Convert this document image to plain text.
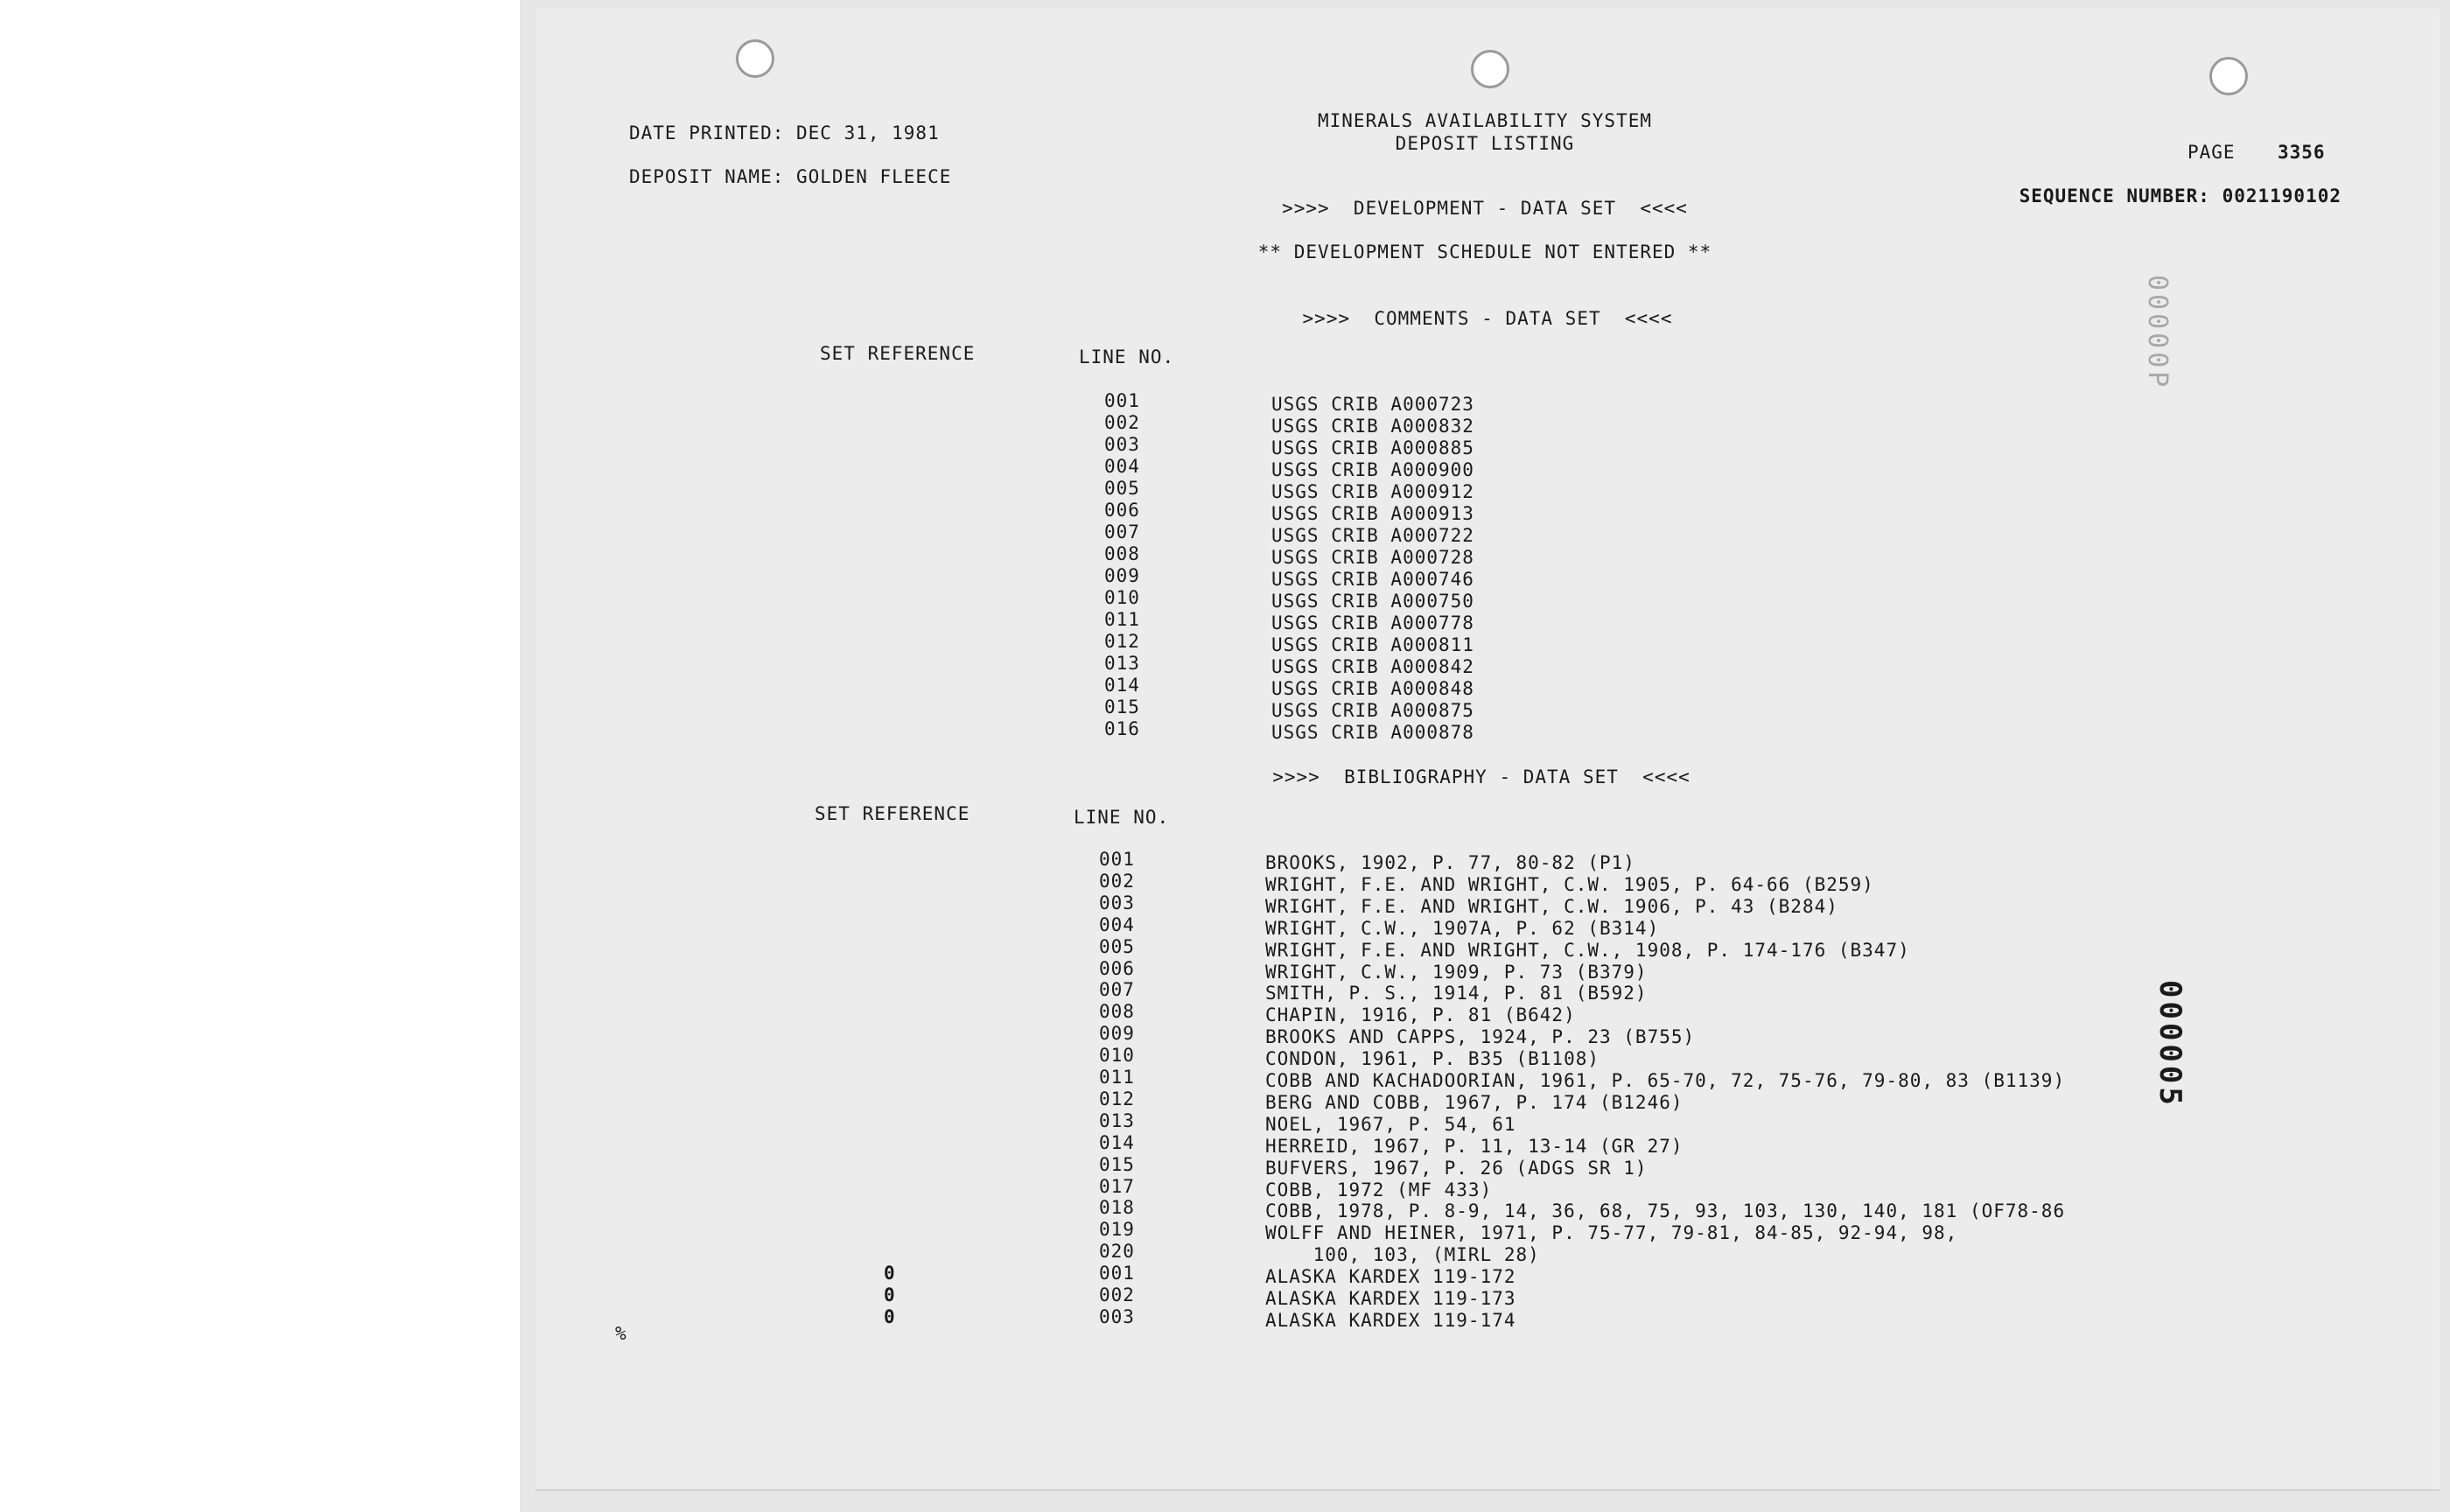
DATE PRINTED: DEC 31, 1981
DEPOSIT NAME: GOLDEN FLEECE
MINERALS AVAILABILITY SYSTEM
DEPOSIT LISTING	PAGE 3356
SEQUENCE NUMBER: 0021190102
>>>>  DEVELOPMENT - DATA SET  <<<<
** DEVELOPMENT SCHEDULE NOT ENTERED **
>>>>  COMMENTS - DATA SET  <<<<
SET REFERENCE	LINE NO.
001	USGS CRIB A000723
002	USGS CRIB A000832
003	USGS CRIB A000885
004	USGS CRIB A000900
005	USGS CRIB A000912
006	USGS CRIB A000913
007	USGS CRIB A000722
008	USGS CRIB A000728
009	USGS CRIB A000746
010	USGS CRIB A000750
011	USGS CRIB A000778
012	USGS CRIB A000811
013	USGS CRIB A000842
014	USGS CRIB A000848
015	USGS CRIB A000875
016	USGS CRIB A000878
>>>>  BIBLIOGRAPHY - DATA SET  <<<<
SET REFERENCE	LINE NO.
001	BROOKS, 1902, P. 77, 80-82 (P1)
002	WRIGHT, F.E. AND WRIGHT, C.W. 1905, P. 64-66 (B259)
003	WRIGHT, F.E. AND WRIGHT, C.W. 1906, P. 43 (B284)
004	WRIGHT, C.W., 1907A, P. 62 (B314)
005	WRIGHT, F.E. AND WRIGHT, C.W., 1908, P. 174-176 (B347)
006	WRIGHT, C.W., 1909, P. 73 (B379)
007	SMITH, P. S., 1914, P. 81 (B592)
008	CHAPIN, 1916, P. 81 (B642)
009	BROOKS AND CAPPS, 1924, P. 23 (B755)
010	CONDON, 1961, P. B35 (B1108)
011	COBB AND KACHADOORIAN, 1961, P. 65-70, 72, 75-76, 79-80, 83 (B1139)
012	BERG AND COBB, 1967, P. 174 (B1246)
013	NOEL, 1967, P. 54, 61
014	HERREID, 1967, P. 11, 13-14 (GR 27)
015	BUFVERS, 1967, P. 26 (ADGS SR 1)
017	COBB, 1972 (MF 433)
018	COBB, 1978, P. 8-9, 14, 36, 68, 75, 93, 103, 130, 140, 181 (OF78-86
019	WOLFF AND HEINER, 1971, P. 75-77, 79-81, 84-85, 92-94, 98,
020	100, 103, (MIRL 28)
0	001	ALASKA KARDEX 119-172
0	002	ALASKA KARDEX 119-173
0	003	ALASKA KARDEX 119-174
%
00000P
000005
